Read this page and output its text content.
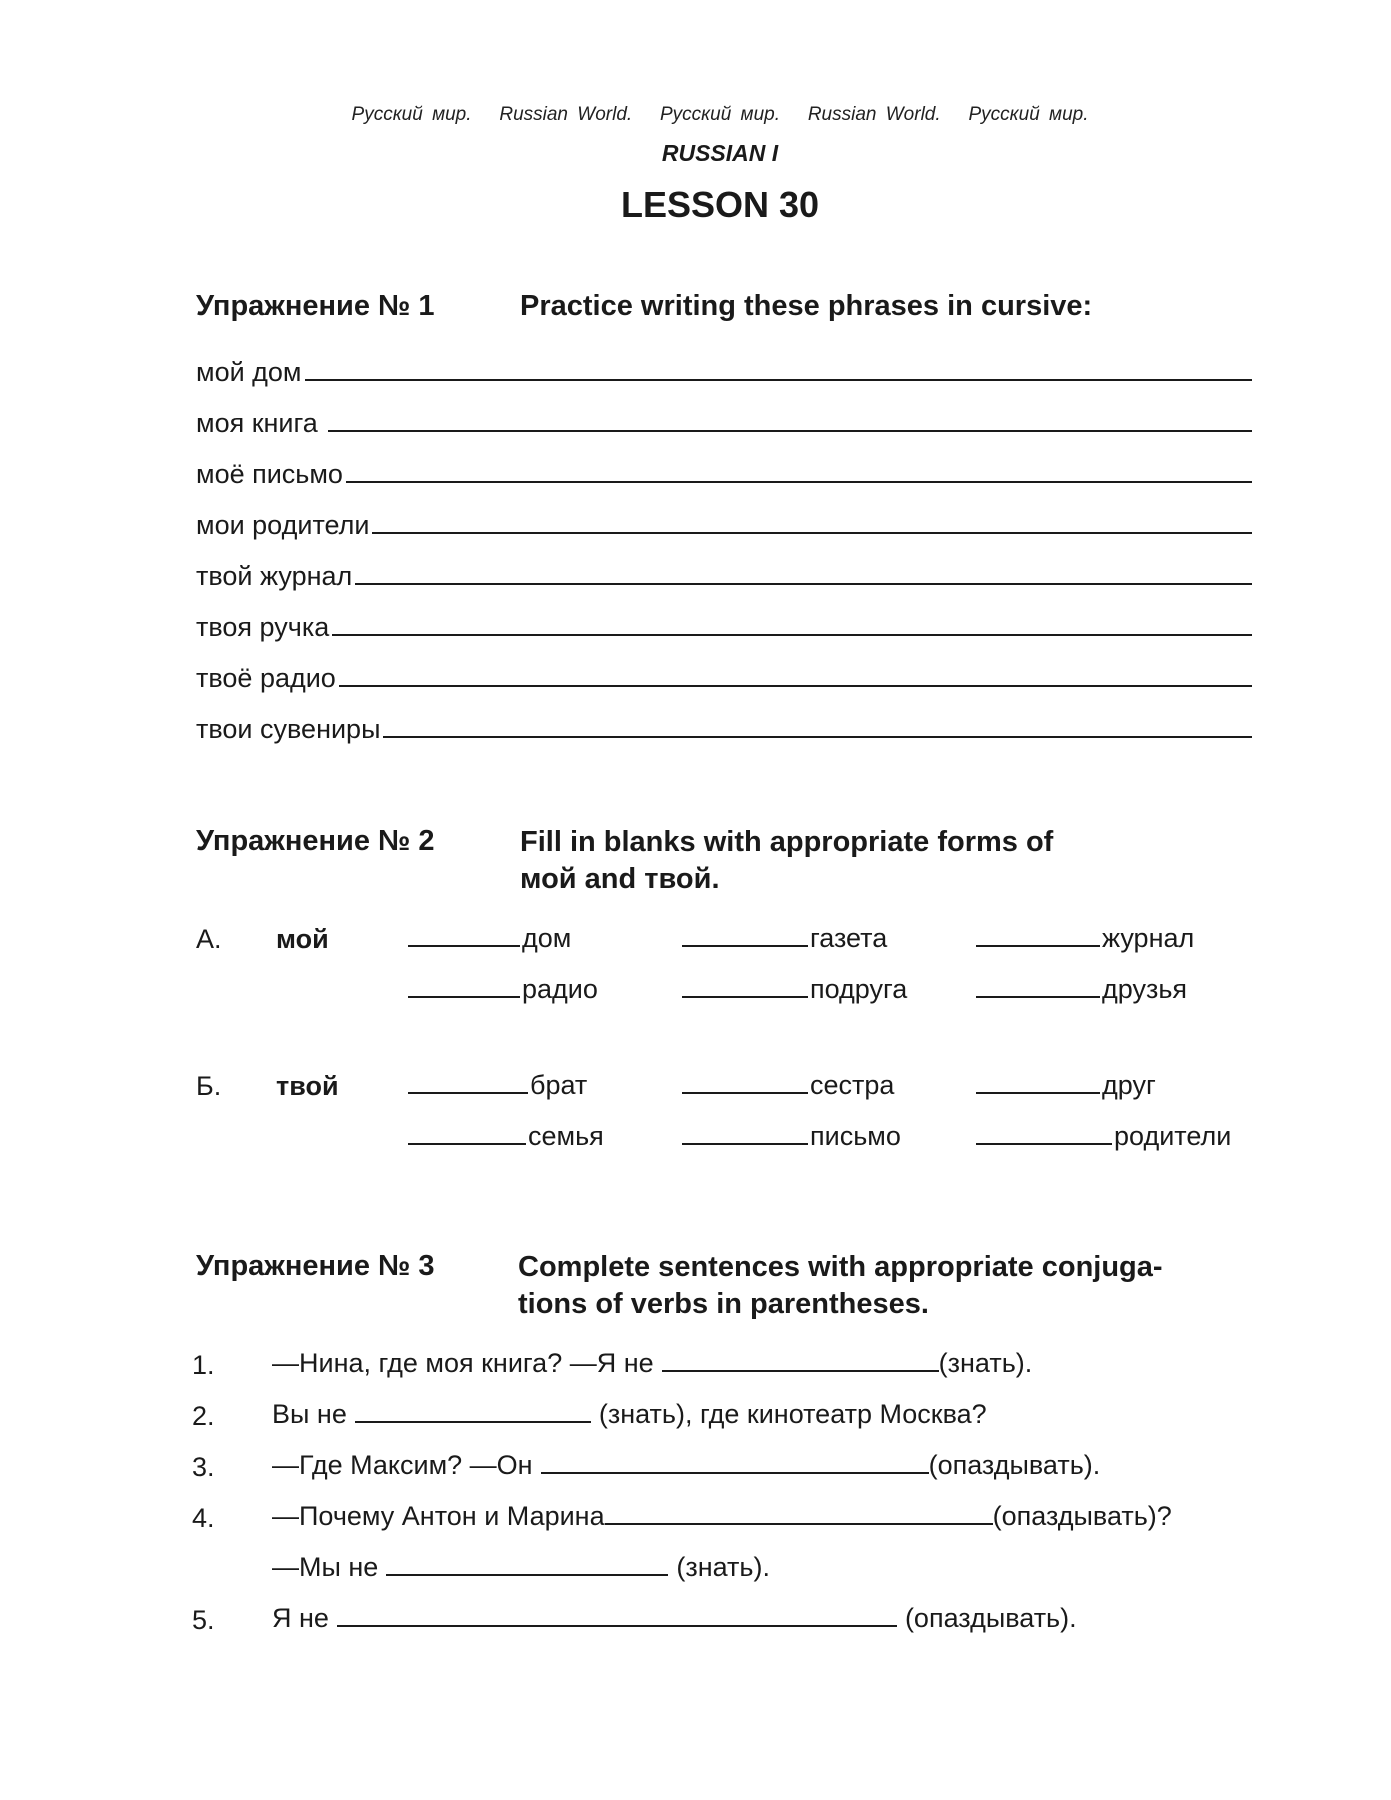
Русский мир.   Russian World.   Русский мир.   Russian World.   Русский мир.
RUSSIAN I
LESSON 30
Упражнение № 1	Practice writing these phrases in cursive:
мой дом
моя книга
моё письмо
мои родители
твой журнал
твоя ручка
твоё радио
твои сувениры
Упражнение № 2	Fill in blanks with appropriate forms of
мой and твой.
А. мой	дом	газета	журнал
радио	подруга	друзья
Б. твой	брат	сестра	друг
семья	письмо	родители
Упражнение № 3	Complete sentences with appropriate conjuga-
tions of verbs in parentheses.
1. —Нина, где моя книга? —Я не	(знать).
2. Вы не	(знать), где кинотеатр Москва?
3. —Где Максим? —Он	(опаздывать).
4. —Почему Антон и Марина	(опаздывать)?
—Мы не	(знать).
5. Я не	(опаздывать).
